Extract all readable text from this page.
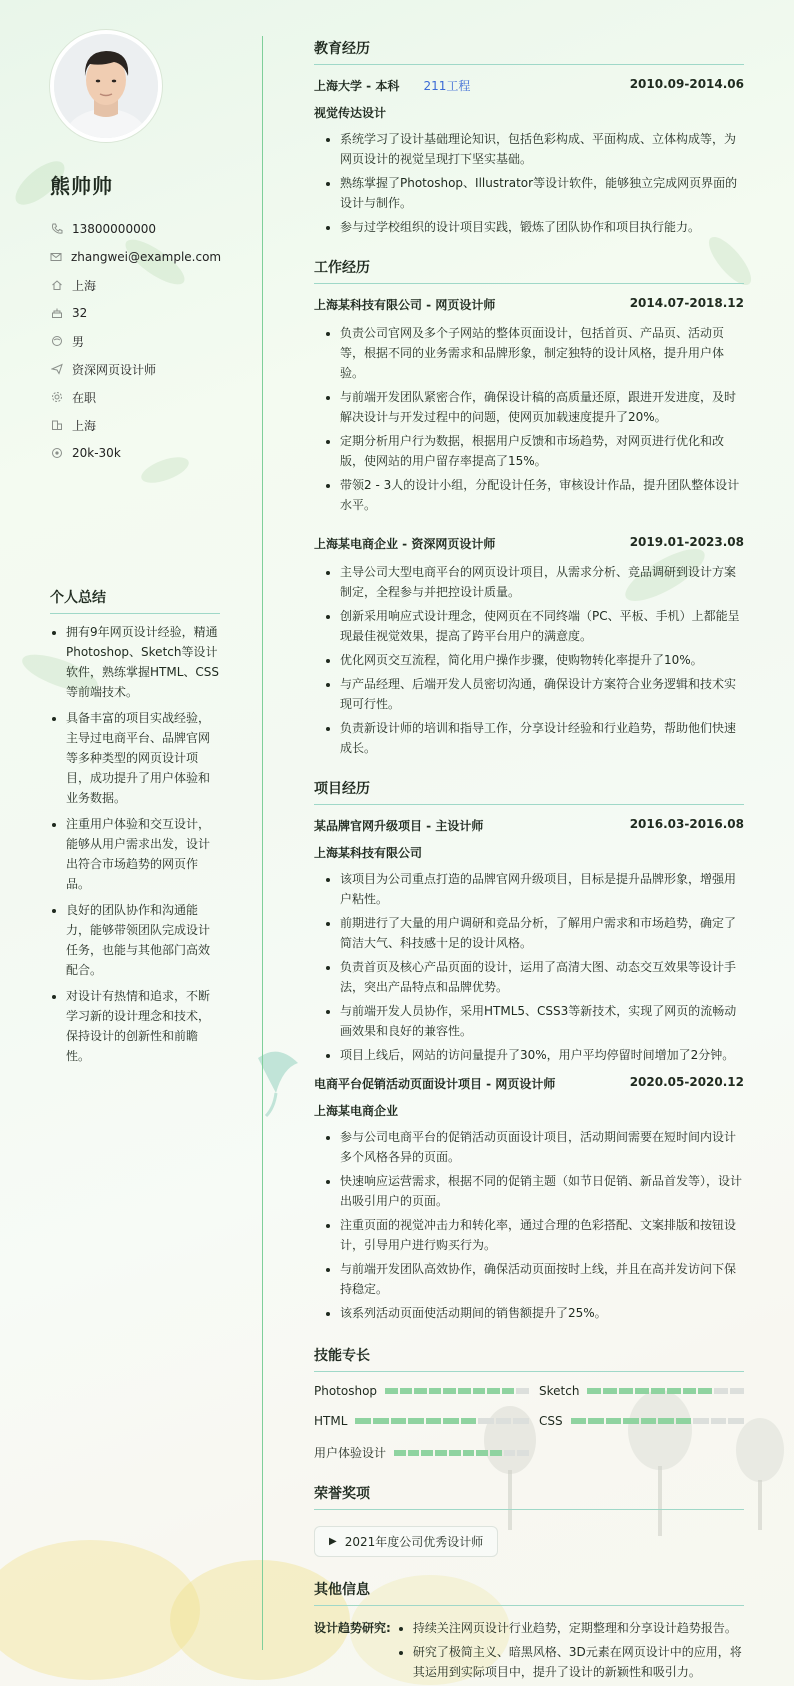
熊帅帅
13800000000
zhangwei@example.com
上海
32
男
资深网页设计师
在职
上海
20k-30k
个人总结
• 拥有9年网页设计经验，精通Photoshop、Sketch等设计软件，熟练掌握HTML、CSS等前端技术。
• 具备丰富的项目实战经验，主导过电商平台、品牌官网等多种类型的网页设计项目，成功提升了用户体验和业务数据。
• 注重用户体验和交互设计，能够从用户需求出发，设计出符合市场趋势的网页作品。
• 良好的团队协作和沟通能力，能够带领团队完成设计任务，也能与其他部门高效配合。
• 对设计有热情和追求，不断学习新的设计理念和技术，保持设计的创新性和前瞻性。
教育经历
上海大学 - 本科 211工程	2010.09-2014.06
视觉传达设计
• 系统学习了设计基础理论知识，包括色彩构成、平面构成、立体构成等，为网页设计的视觉呈现打下坚实基础。
• 熟练掌握了Photoshop、Illustrator等设计软件，能够独立完成网页界面的设计与制作。
• 参与过学校组织的设计项目实践，锻炼了团队协作和项目执行能力。
工作经历
上海某科技有限公司 - 网页设计师	2014.07-2018.12
• 负责公司官网及多个子网站的整体页面设计，包括首页、产品页、活动页等，根据不同的业务需求和品牌形象，制定独特的设计风格，提升用户体验。
• 与前端开发团队紧密合作，确保设计稿的高质量还原，跟进开发进度，及时解决设计与开发过程中的问题，使网页加载速度提升了20%。
• 定期分析用户行为数据，根据用户反馈和市场趋势，对网页进行优化和改版，使网站的用户留存率提高了15%。
• 带领2 - 3人的设计小组，分配设计任务，审核设计作品，提升团队整体设计水平。
上海某电商企业 - 资深网页设计师	2019.01-2023.08
• 主导公司大型电商平台的网页设计项目，从需求分析、竞品调研到设计方案制定，全程参与并把控设计质量。
• 创新采用响应式设计理念，使网页在不同终端（PC、平板、手机）上都能呈现最佳视觉效果，提高了跨平台用户的满意度。
• 优化网页交互流程，简化用户操作步骤，使购物转化率提升了10%。
• 与产品经理、后端开发人员密切沟通，确保设计方案符合业务逻辑和技术实现可行性。
• 负责新设计师的培训和指导工作，分享设计经验和行业趋势，帮助他们快速成长。
项目经历
某品牌官网升级项目 - 主设计师	2016.03-2016.08
上海某科技有限公司
• 该项目为公司重点打造的品牌官网升级项目，目标是提升品牌形象，增强用户粘性。
• 前期进行了大量的用户调研和竞品分析，了解用户需求和市场趋势，确定了简洁大气、科技感十足的设计风格。
• 负责首页及核心产品页面的设计，运用了高清大图、动态交互效果等设计手法，突出产品特点和品牌优势。
• 与前端开发人员协作，采用HTML5、CSS3等新技术，实现了网页的流畅动画效果和良好的兼容性。
• 项目上线后，网站的访问量提升了30%，用户平均停留时间增加了2分钟。
电商平台促销活动页面设计项目 - 网页设计师	2020.05-2020.12
上海某电商企业
• 参与公司电商平台的促销活动页面设计项目，活动期间需要在短时间内设计多个风格各异的页面。
• 快速响应运营需求，根据不同的促销主题（如节日促销、新品首发等），设计出吸引用户的页面。
• 注重页面的视觉冲击力和转化率，通过合理的色彩搭配、文案排版和按钮设计，引导用户进行购买行为。
• 与前端开发团队高效协作，确保活动页面按时上线，并且在高并发访问下保持稳定。
• 该系列活动页面使活动期间的销售额提升了25%。
技能专长
Photoshop	Sketch
HTML	CSS
用户体验设计
荣誉奖项
▶ 2021年度公司优秀设计师
其他信息
设计趋势研究:
• 持续关注网页设计行业趋势，定期整理和分享设计趋势报告。
• 研究了极简主义、暗黑风格、3D元素在网页设计中的应用，将其运用到实际项目中，提升了设计的新颖性和吸引力。
